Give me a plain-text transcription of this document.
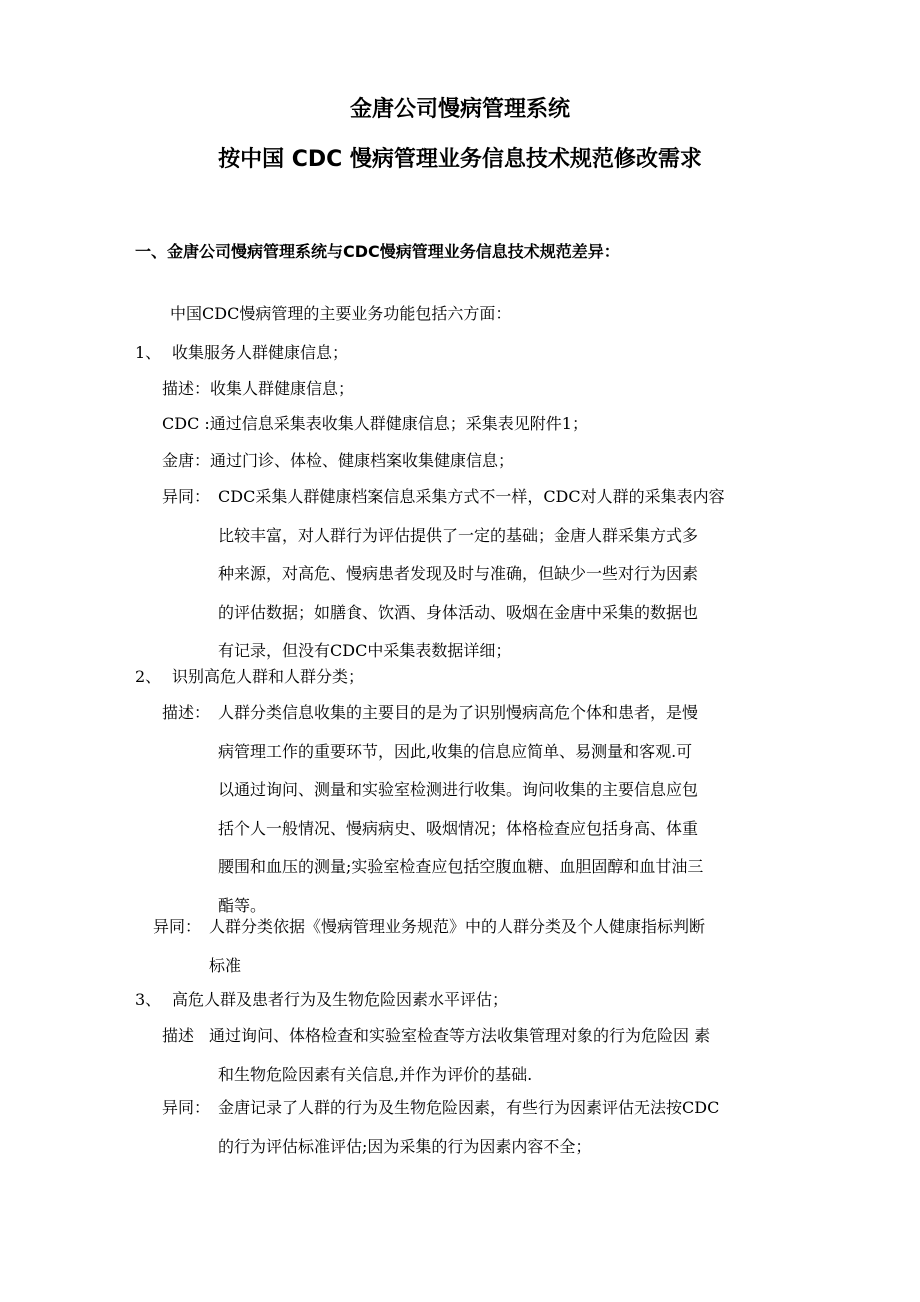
金唐公司慢病管理系统
按中国 CDC 慢病管理业务信息技术规范修改需求
一、金唐公司慢病管理系统与CDC慢病管理业务信息技术规范差异：
中国CDC慢病管理的主要业务功能包括六方面：
1、 收集服务人群健康信息；
描述：收集人群健康信息；
CDC :通过信息采集表收集人群健康信息；采集表见附件1；
金唐：通过门诊、体检、健康档案收集健康信息；
异同： CDC采集人群健康档案信息采集方式不一样，CDC对人群的采集表内容
比较丰富，对人群行为评估提供了一定的基础；金唐人群采集方式多
种来源，对高危、慢病患者发现及时与准确，但缺少一些对行为因素
的评估数据；如膳食、饮酒、身体活动、吸烟在金唐中采集的数据也
有记录，但没有CDC中采集表数据详细；
2、 识别高危人群和人群分类；
描述： 人群分类信息收集的主要目的是为了识别慢病高危个体和患者，是慢
病管理工作的重要环节，因此,收集的信息应简单、易测量和客观.可
以通过询问、测量和实验室检测进行收集。询问收集的主要信息应包
括个人一般情况、慢病病史、吸烟情况；体格检查应包括身高、体重
腰围和血压的测量;实验室检查应包括空腹血糖、血胆固醇和血甘油三
酯等。
异同： 人群分类依据《慢病管理业务规范》中的人群分类及个人健康指标判断
标准
3、 高危人群及患者行为及生物危险因素水平评估；
描述 通过询问、体格检查和实验室检查等方法收集管理对象的行为危险因 素
和生物危险因素有关信息,并作为评价的基础.
异同： 金唐记录了人群的行为及生物危险因素，有些行为因素评估无法按CDC
的行为评估标准评估;因为采集的行为因素内容不全；
